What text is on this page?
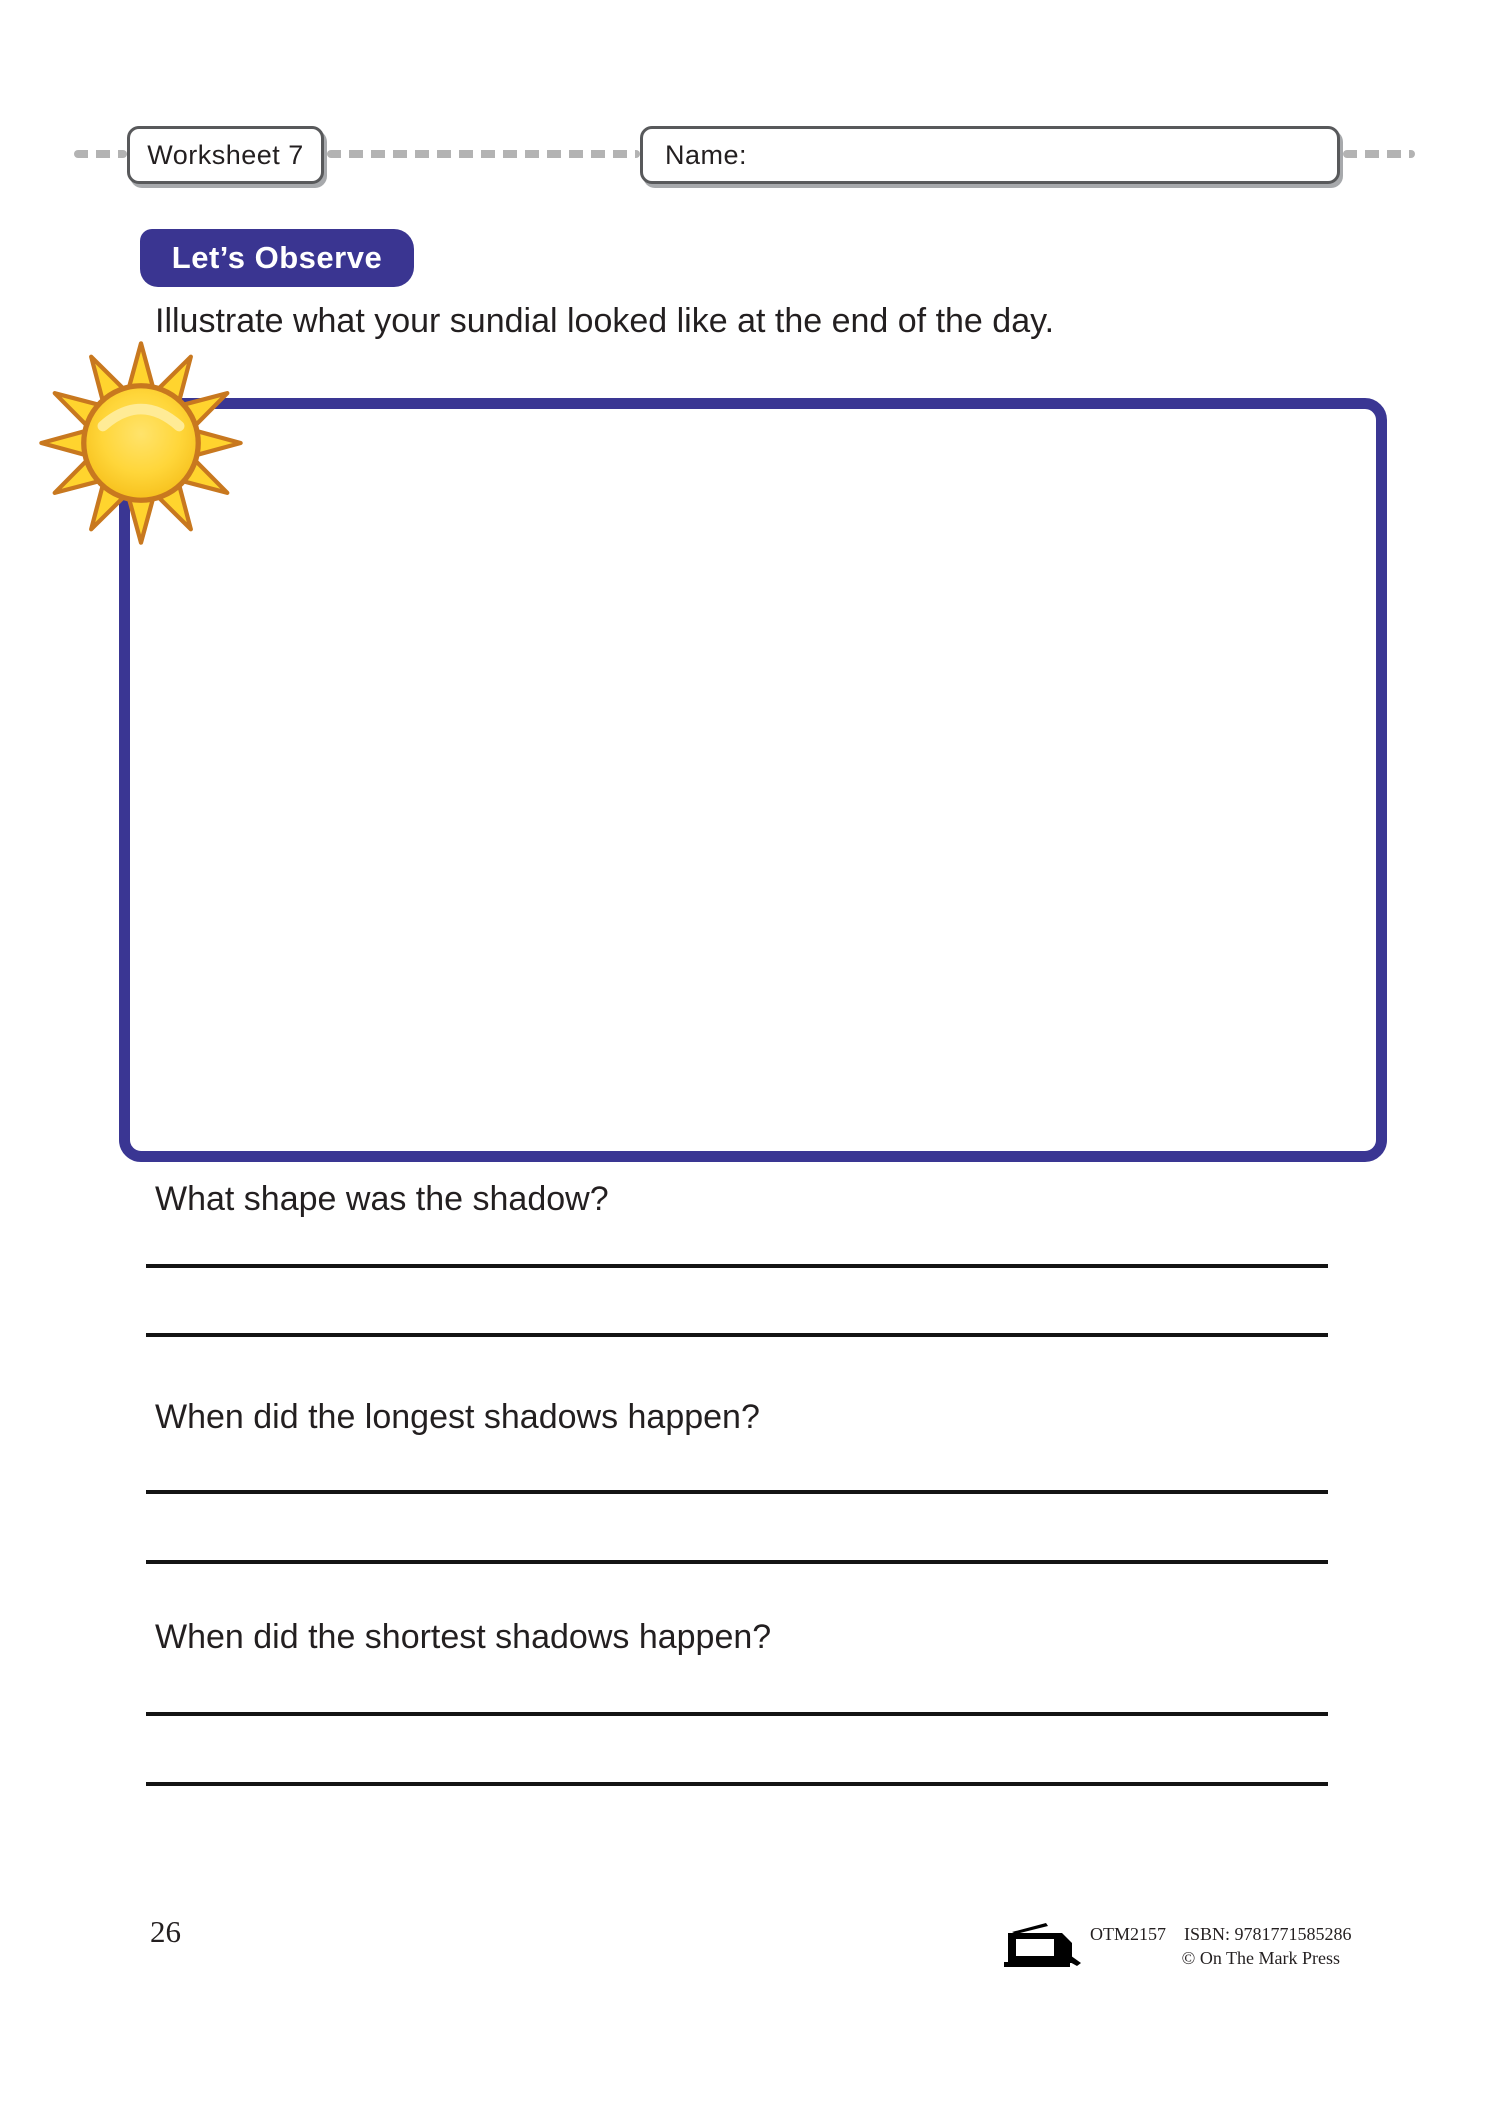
Worksheet 7	Name:
Let’s Observe
Illustrate what your sundial looked like at the end of the day.
What shape was the shadow?
When did the longest shadows happen?
When did the shortest shadows happen?
26	OTM2157 ISBN: 9781771585286
© On The Mark Press
